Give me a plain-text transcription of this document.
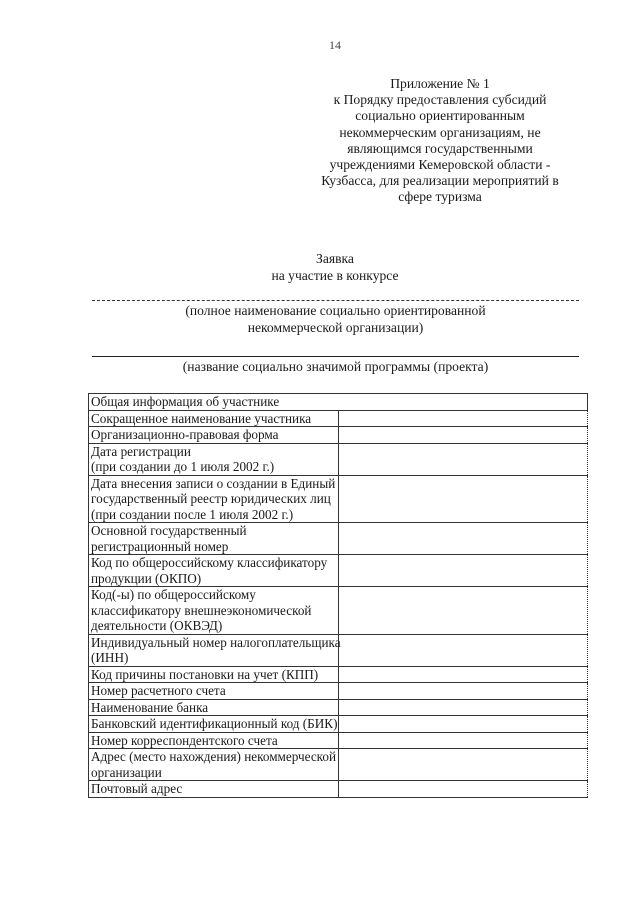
14
Приложение № 1
к Порядку предоставления субсидий
социально ориентированным
некоммерческим организациям, не
являющимся государственными
учреждениями Кемеровской области -
Кузбасса, для реализации мероприятий в
сфере туризма
Заявка
на участие в конкурсе
(полное наименование социально ориентированной
некоммерческой организации)
(название социально значимой программы (проекта)
Общая информация об участнике	

Сокращенное наименование участника	

Организационно-правовая форма	

Дата регистрации
(при создании до 1 июля 2002 г.)	

Дата внесения записи о создании в Единый
государственный реестр юридических лиц
(при создании после 1 июля 2002 г.)	

Основной государственный
регистрационный номер	

Код по общероссийскому классификатору
продукции (ОКПО)	

Код(-ы) по общероссийскому
классификатору внешнеэкономической
деятельности (ОКВЭД)	

Индивидуальный номер налогоплательщика
(ИНН)	

Код причины постановки на учет (КПП)	

Номер расчетного счета	

Наименование банка	

Банковский идентификационный код (БИК)	

Номер корреспондентского счета	

Адрес (место нахождения) некоммерческой
организации	

Почтовый адрес	
